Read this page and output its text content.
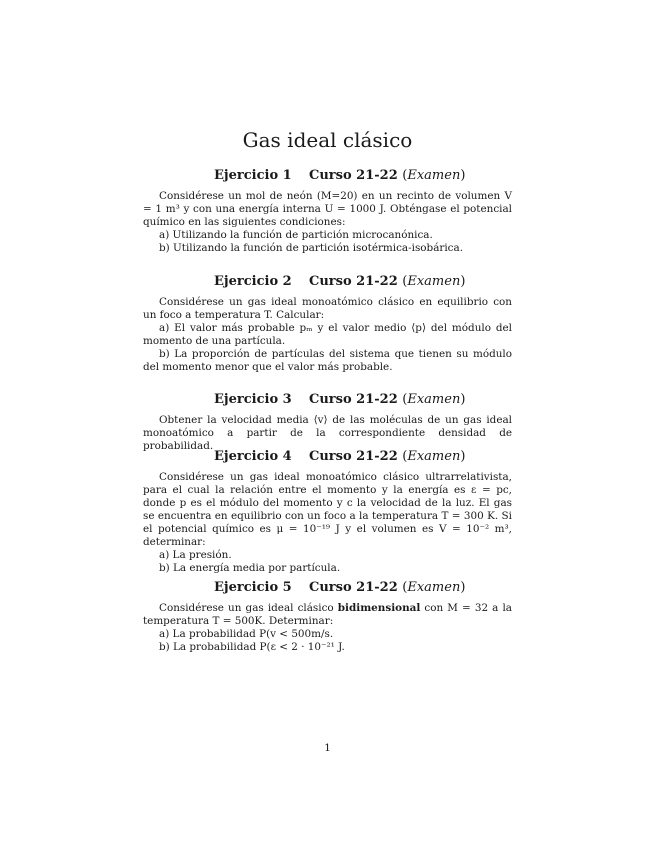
Gas ideal clásico
Ejercicio 1 Curso 21-22 (Examen)

Considérese un mol de neón (M=20) en un recinto de volumen V = 1 m³ y con una energía interna U = 1000 J. Obténgase el potencial químico en las siguientes condiciones:

a) Utilizando la función de partición microcanónica.

b) Utilizando la función de partición isotérmica-isobárica.

Ejercicio 2 Curso 21-22 (Examen)

Considérese un gas ideal monoatómico clásico en equilibrio con un foco a temperatura T. Calcular:

a) El valor más probable pₘ y el valor medio ⟨p⟩ del módulo del momento de una partícula.

b) La proporción de partículas del sistema que tienen su módulo del momento menor que el valor más probable.

Ejercicio 3 Curso 21-22 (Examen)

Obtener la velocidad media ⟨v⟩ de las moléculas de un gas ideal monoatómico a partir de la correspondiente densidad de probabilidad.

Ejercicio 4 Curso 21-22 (Examen)

Considérese un gas ideal monoatómico clásico ultrarrelativista, para el cual la relación entre el momento y la energía es ε = pc, donde p es el módulo del momento y c la velocidad de la luz. El gas se encuentra en equilibrio con un foco a la temperatura T = 300 K. Si el potencial químico es μ = 10⁻¹⁹ J y el volumen es V = 10⁻² m³, determinar:

a) La presión.

b) La energía media por partícula.

Ejercicio 5 Curso 21-22 (Examen)

Considérese un gas ideal clásico bidimensional con M = 32 a la temperatura T = 500K. Determinar:

a) La probabilidad P(v < 500m/s.

b) La probabilidad P(ε < 2 · 10⁻²¹ J.

1
